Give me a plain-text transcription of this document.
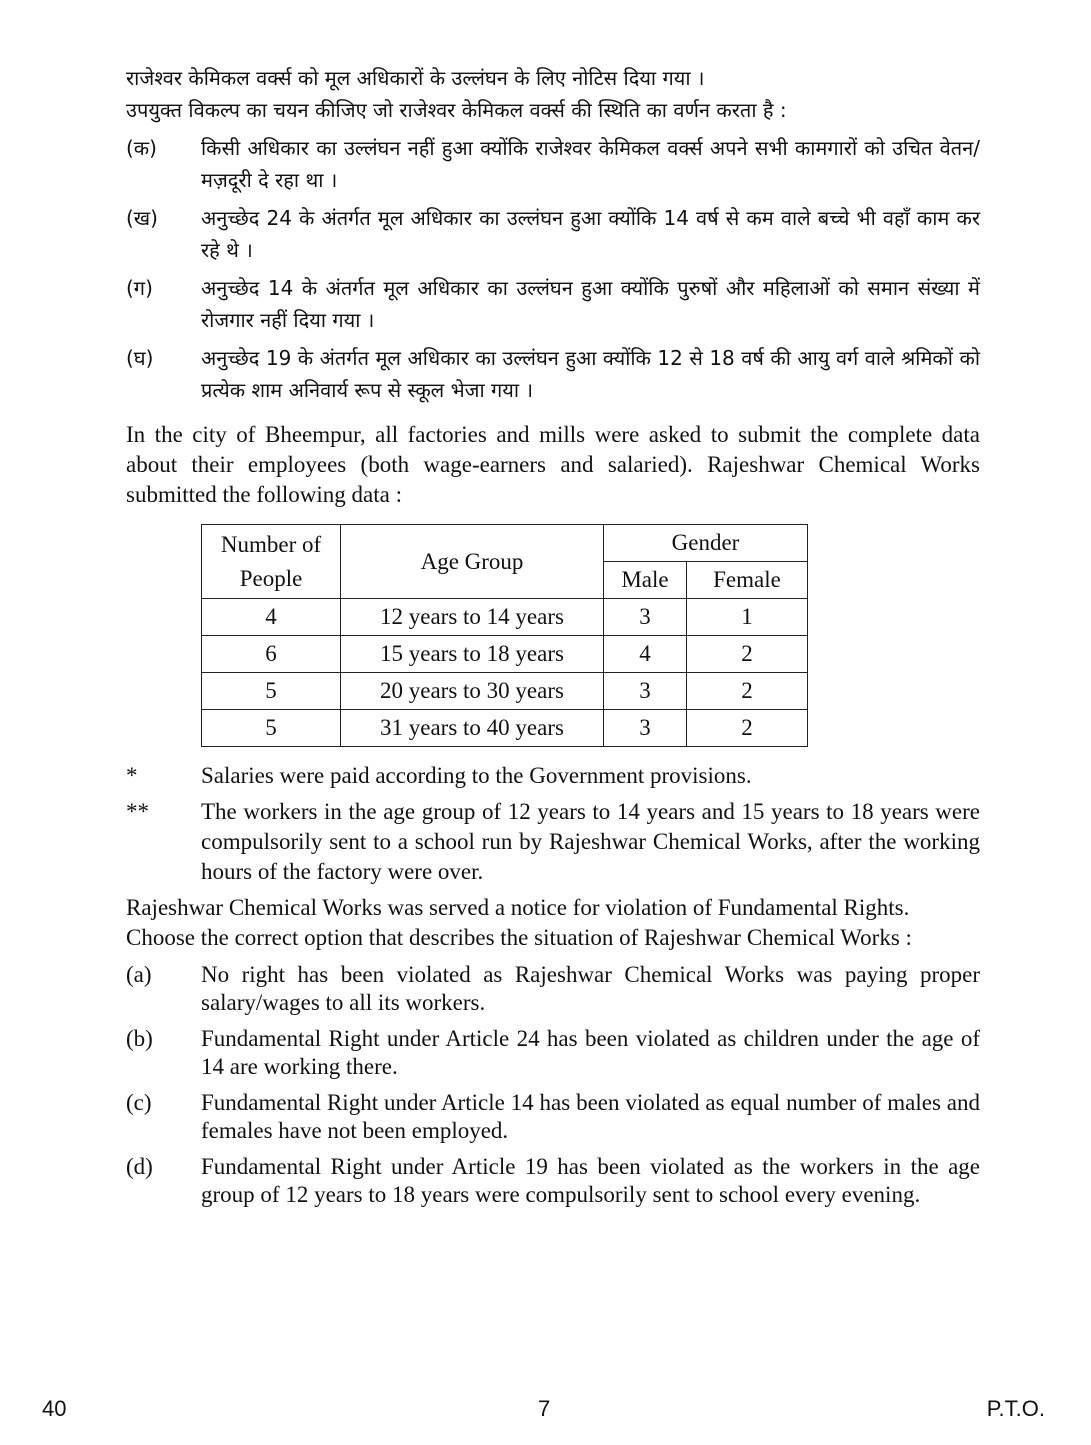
राजेश्वर केमिकल वर्क्स को मूल अधिकारों के उल्लंघन के लिए नोटिस दिया गया ।

उपयुक्त विकल्प का चयन कीजिए जो राजेश्वर केमिकल वर्क्स की स्थिति का वर्णन करता है :

(क)	किसी अधिकार का उल्लंघन नहीं हुआ क्योंकि राजेश्वर केमिकल वर्क्स अपने सभी कामगारों को उचित वेतन/मज़दूरी दे रहा था ।
(ख)	अनुच्छेद 24 के अंतर्गत मूल अधिकार का उल्लंघन हुआ क्योंकि 14 वर्ष से कम वाले बच्चे भी वहाँ काम कर रहे थे ।
(ग)	अनुच्छेद 14 के अंतर्गत मूल अधिकार का उल्लंघन हुआ क्योंकि पुरुषों और महिलाओं को समान संख्या में रोजगार नहीं दिया गया ।
(घ)	अनुच्छेद 19 के अंतर्गत मूल अधिकार का उल्लंघन हुआ क्योंकि 12 से 18 वर्ष की आयु वर्ग वाले श्रमिकों को प्रत्येक शाम अनिवार्य रूप से स्कूल भेजा गया ।

In the city of Bheempur, all factories and mills were asked to submit the complete data about their employees (both wage-earners and salaried). Rajeshwar Chemical Works submitted the following data :

Number of People	Age Group	Gender	
		Male	Female
4	12 years to 14 years	3	1
6	15 years to 18 years	4	2
5	20 years to 30 years	3	2
5	31 years to 40 years	3	2
*	Salaries were paid according to the Government provisions.
**	The workers in the age group of 12 years to 14 years and 15 years to 18 years were compulsorily sent to a school run by Rajeshwar Chemical Works, after the working hours of the factory were over.

Rajeshwar Chemical Works was served a notice for violation of Fundamental Rights.

Choose the correct option that describes the situation of Rajeshwar Chemical Works :

(a)	No right has been violated as Rajeshwar Chemical Works was paying proper salary/wages to all its workers.
(b)	Fundamental Right under Article 24 has been violated as children under the age of 14 are working there.
(c)	Fundamental Right under Article 14 has been violated as equal number of males and females have not been employed.
(d)	Fundamental Right under Article 19 has been violated as the workers in the age group of 12 years to 18 years were compulsorily sent to school every evening.
40	7	P.T.O.
